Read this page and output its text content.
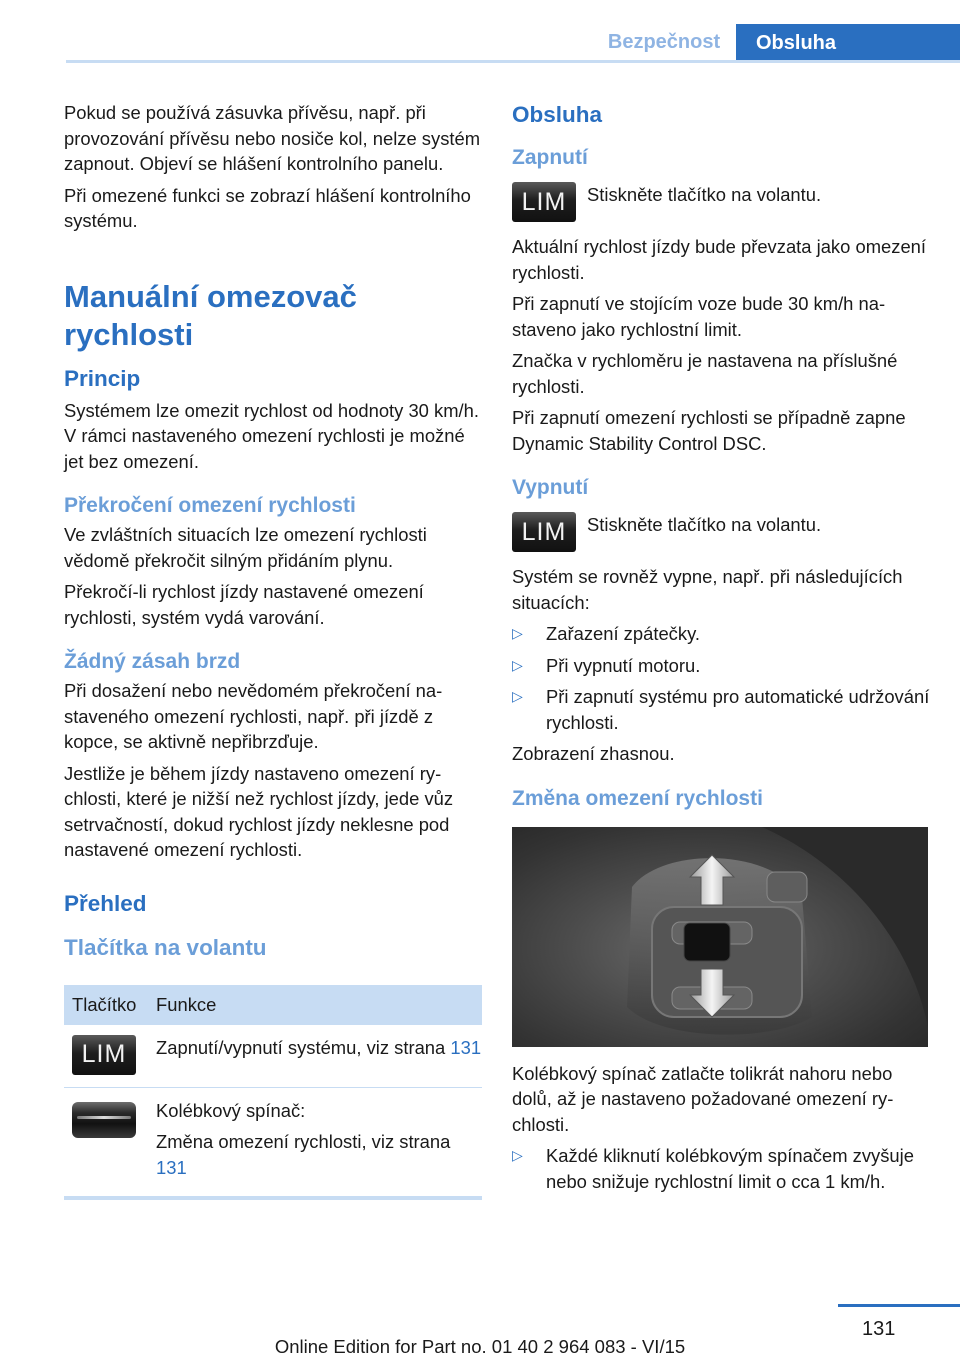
Bezpečnost	Obsluha

Pokud se používá zásuvka přívěsu, např. při provozování přívěsu nebo nosiče kol, nelze systém zapnout. Objeví se hlášení kontrolního panelu.

Při omezené funkci se zobrazí hlášení kontrolního systému.

Manuální omezovač rychlosti
Princip

Systémem lze omezit rychlost od hodnoty 30 km/h. V rámci nastaveného omezení rychlosti je možné jet bez omezení.

Překročení omezení rychlosti

Ve zvláštních situacích lze omezení rychlosti vědomě překročit silným přidáním plynu.

Překročí-li rychlost jízdy nastavené omezení rychlosti, systém vydá varování.

Žádný zásah brzd

Při dosažení nebo nevědomém překročení nastaveného omezení rychlosti, např. při jízdě z kopce, se aktivně nepřibrzďuje.

Jestliže je během jízdy nastaveno omezení rychlosti, které je nižší než rychlost jízdy, jede vůz setrvačností, dokud rychlost jízdy neklesne pod nastavené omezení rychlosti.

Přehled
Tlačítka na volantu
Tlačítko	Funkce

LIM	Zapnutí/vypnutí systému, viz strana 131

	Kolébkový spínač:

Změna omezení rychlosti, viz strana 131
Obsluha
Zapnutí
LIM	Stiskněte tlačítko na volantu.

Aktuální rychlost jízdy bude převzata jako omezení rychlosti.

Při zapnutí ve stojícím voze bude 30 km/h nastaveno jako rychlostní limit.

Značka v rychloměru je nastavena na příslušné rychlosti.

Při zapnutí omezení rychlosti se případně zapne Dynamic Stability Control DSC.

Vypnutí
LIM	Stiskněte tlačítko na volantu.

Systém se rovněž vypne, např. při následujících situacích:

▷ Zařazení zpátečky.
▷ Při vypnutí motoru.
▷ Při zapnutí systému pro automatické udržování rychlosti.

Zobrazení zhasnou.

Změna omezení rychlosti

Kolébkový spínač zatlačte tolikrát nahoru nebo dolů, až je nastaveno požadované omezení rychlosti.

▷ Každé kliknutí kolébkovým spínačem zvyšuje nebo snižuje rychlostní limit o cca 1 km/h.
131
Online Edition for Part no. 01 40 2 964 083 - VI/15
